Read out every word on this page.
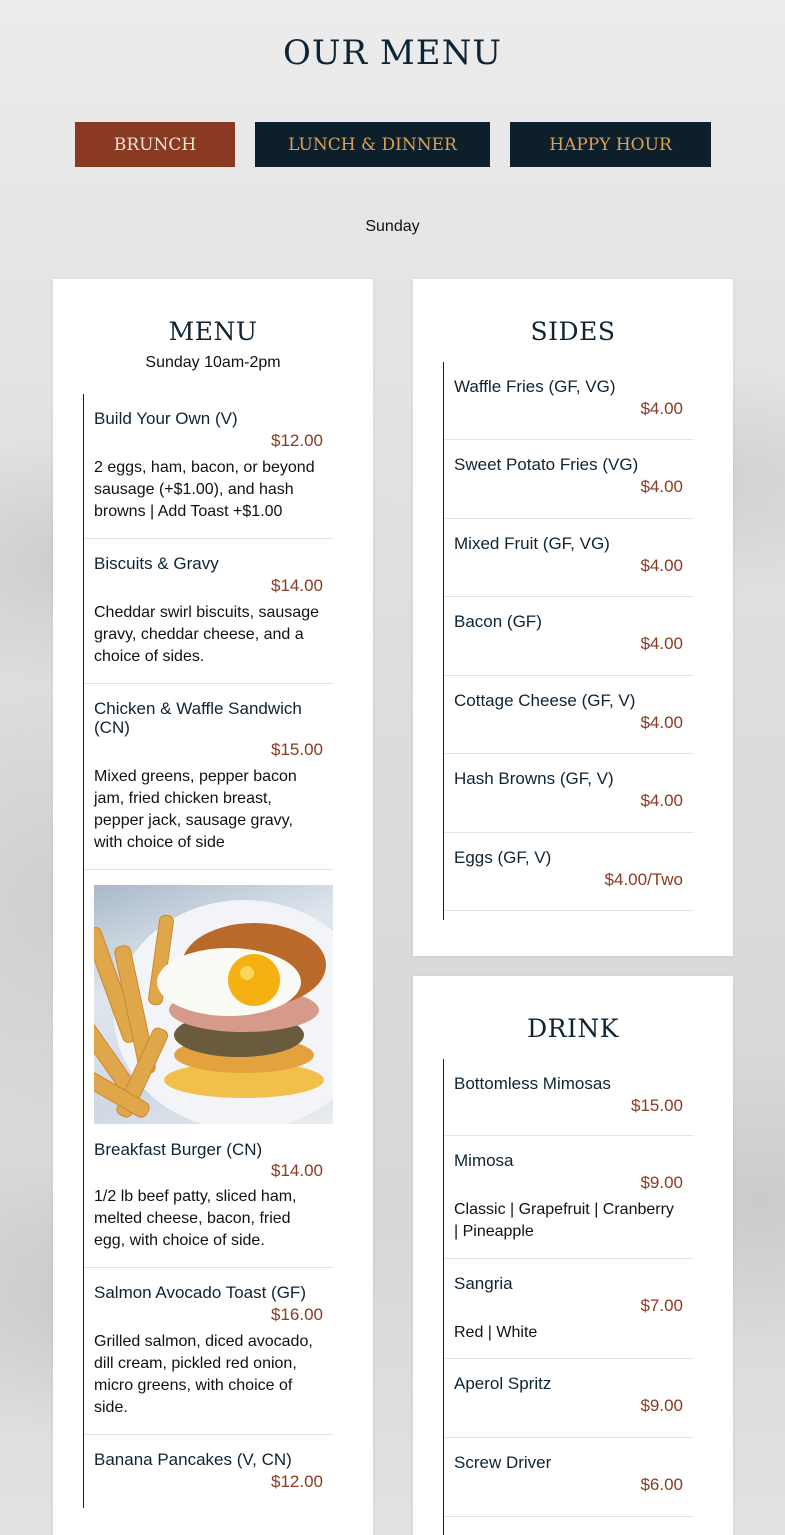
OUR MENU
BRUNCH	LUNCH & DINNER	HAPPY HOUR
Sunday
MENU
Sunday 10am-2pm
Build Your Own (V)
$12.00
2 eggs, ham, bacon, or beyond sausage (+$1.00), and hash browns | Add Toast +$1.00
Biscuits & Gravy
$14.00
Cheddar swirl biscuits, sausage gravy, cheddar cheese, and a choice of sides.
Chicken & Waffle Sandwich (CN)
$15.00
Mixed greens, pepper bacon jam, fried chicken breast, pepper jack, sausage gravy, with choice of side
Breakfast Burger (CN)
$14.00
1/2 lb beef patty, sliced ham, melted cheese, bacon, fried egg, with choice of side.
Salmon Avocado Toast (GF)
$16.00
Grilled salmon, diced avocado, dill cream, pickled red onion, micro greens, with choice of side.
Banana Pancakes (V, CN)
$12.00
SIDES
Waffle Fries (GF, VG)
$4.00
Sweet Potato Fries (VG)
$4.00
Mixed Fruit (GF, VG)
$4.00
Bacon (GF)
$4.00
Cottage Cheese (GF, V)
$4.00
Hash Browns (GF, V)
$4.00
Eggs (GF, V)
$4.00/Two
DRINK
Bottomless Mimosas
$15.00
Mimosa
$9.00
Classic | Grapefruit | Cranberry | Pineapple
Sangria
$7.00
Red | White
Aperol Spritz
$9.00
Screw Driver
$6.00
